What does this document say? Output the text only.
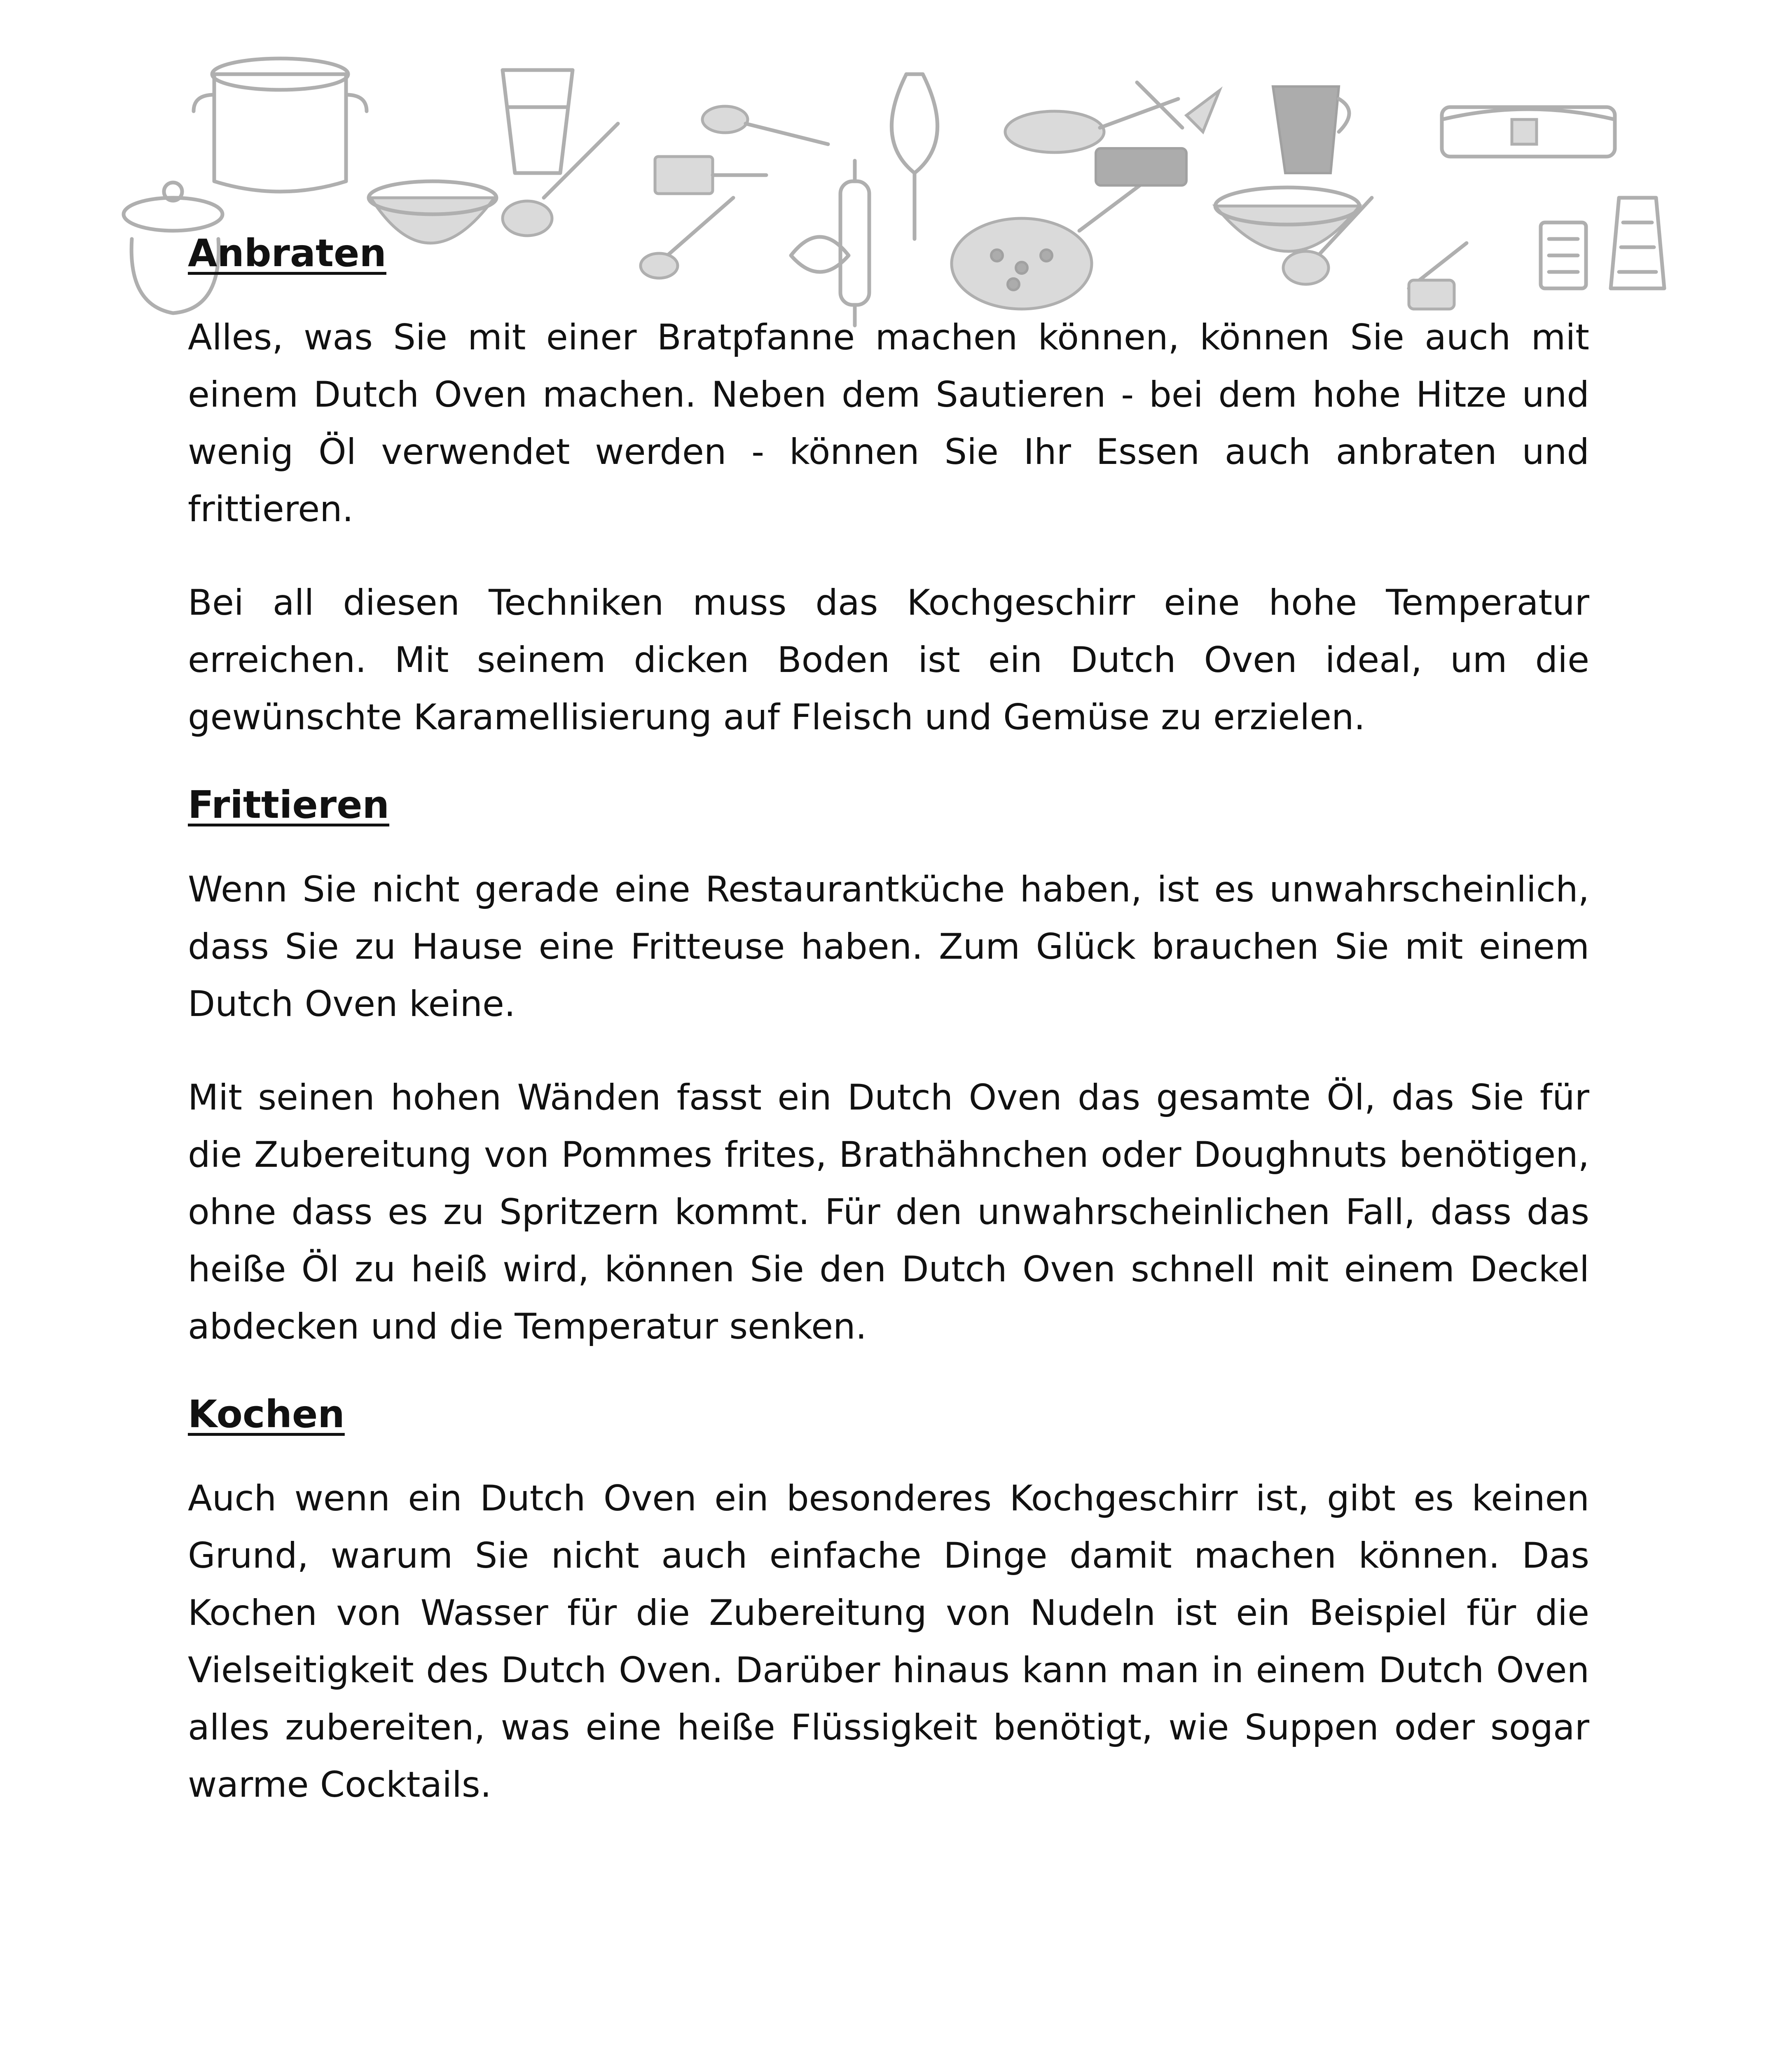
Anbraten

Alles, was Sie mit einer Bratpfanne machen können, können Sie auch mit einem Dutch Oven machen. Neben dem Sautieren - bei dem hohe Hitze und wenig Öl verwendet werden - können Sie Ihr Essen auch anbraten und frittieren.

Bei all diesen Techniken muss das Kochgeschirr eine hohe Temperatur erreichen. Mit seinem dicken Boden ist ein Dutch Oven ideal, um die gewünschte Karamellisierung auf Fleisch und Gemüse zu erzielen.

Frittieren

Wenn Sie nicht gerade eine Restaurantküche haben, ist es unwahrscheinlich, dass Sie zu Hause eine Fritteuse haben. Zum Glück brauchen Sie mit einem Dutch Oven keine.

Mit seinen hohen Wänden fasst ein Dutch Oven das gesamte Öl, das Sie für die Zubereitung von Pommes frites, Brathähnchen oder Doughnuts benötigen, ohne dass es zu Spritzern kommt. Für den unwahrscheinlichen Fall, dass das heiße Öl zu heiß wird, können Sie den Dutch Oven schnell mit einem Deckel abdecken und die Temperatur senken.

Kochen

Auch wenn ein Dutch Oven ein besonderes Kochgeschirr ist, gibt es keinen Grund, warum Sie nicht auch einfache Dinge damit machen können. Das Kochen von Wasser für die Zubereitung von Nudeln ist ein Beispiel für die Vielseitigkeit des Dutch Oven. Darüber hinaus kann man in einem Dutch Oven alles zubereiten, was eine heiße Flüssigkeit benötigt, wie Suppen oder sogar warme Cocktails.
